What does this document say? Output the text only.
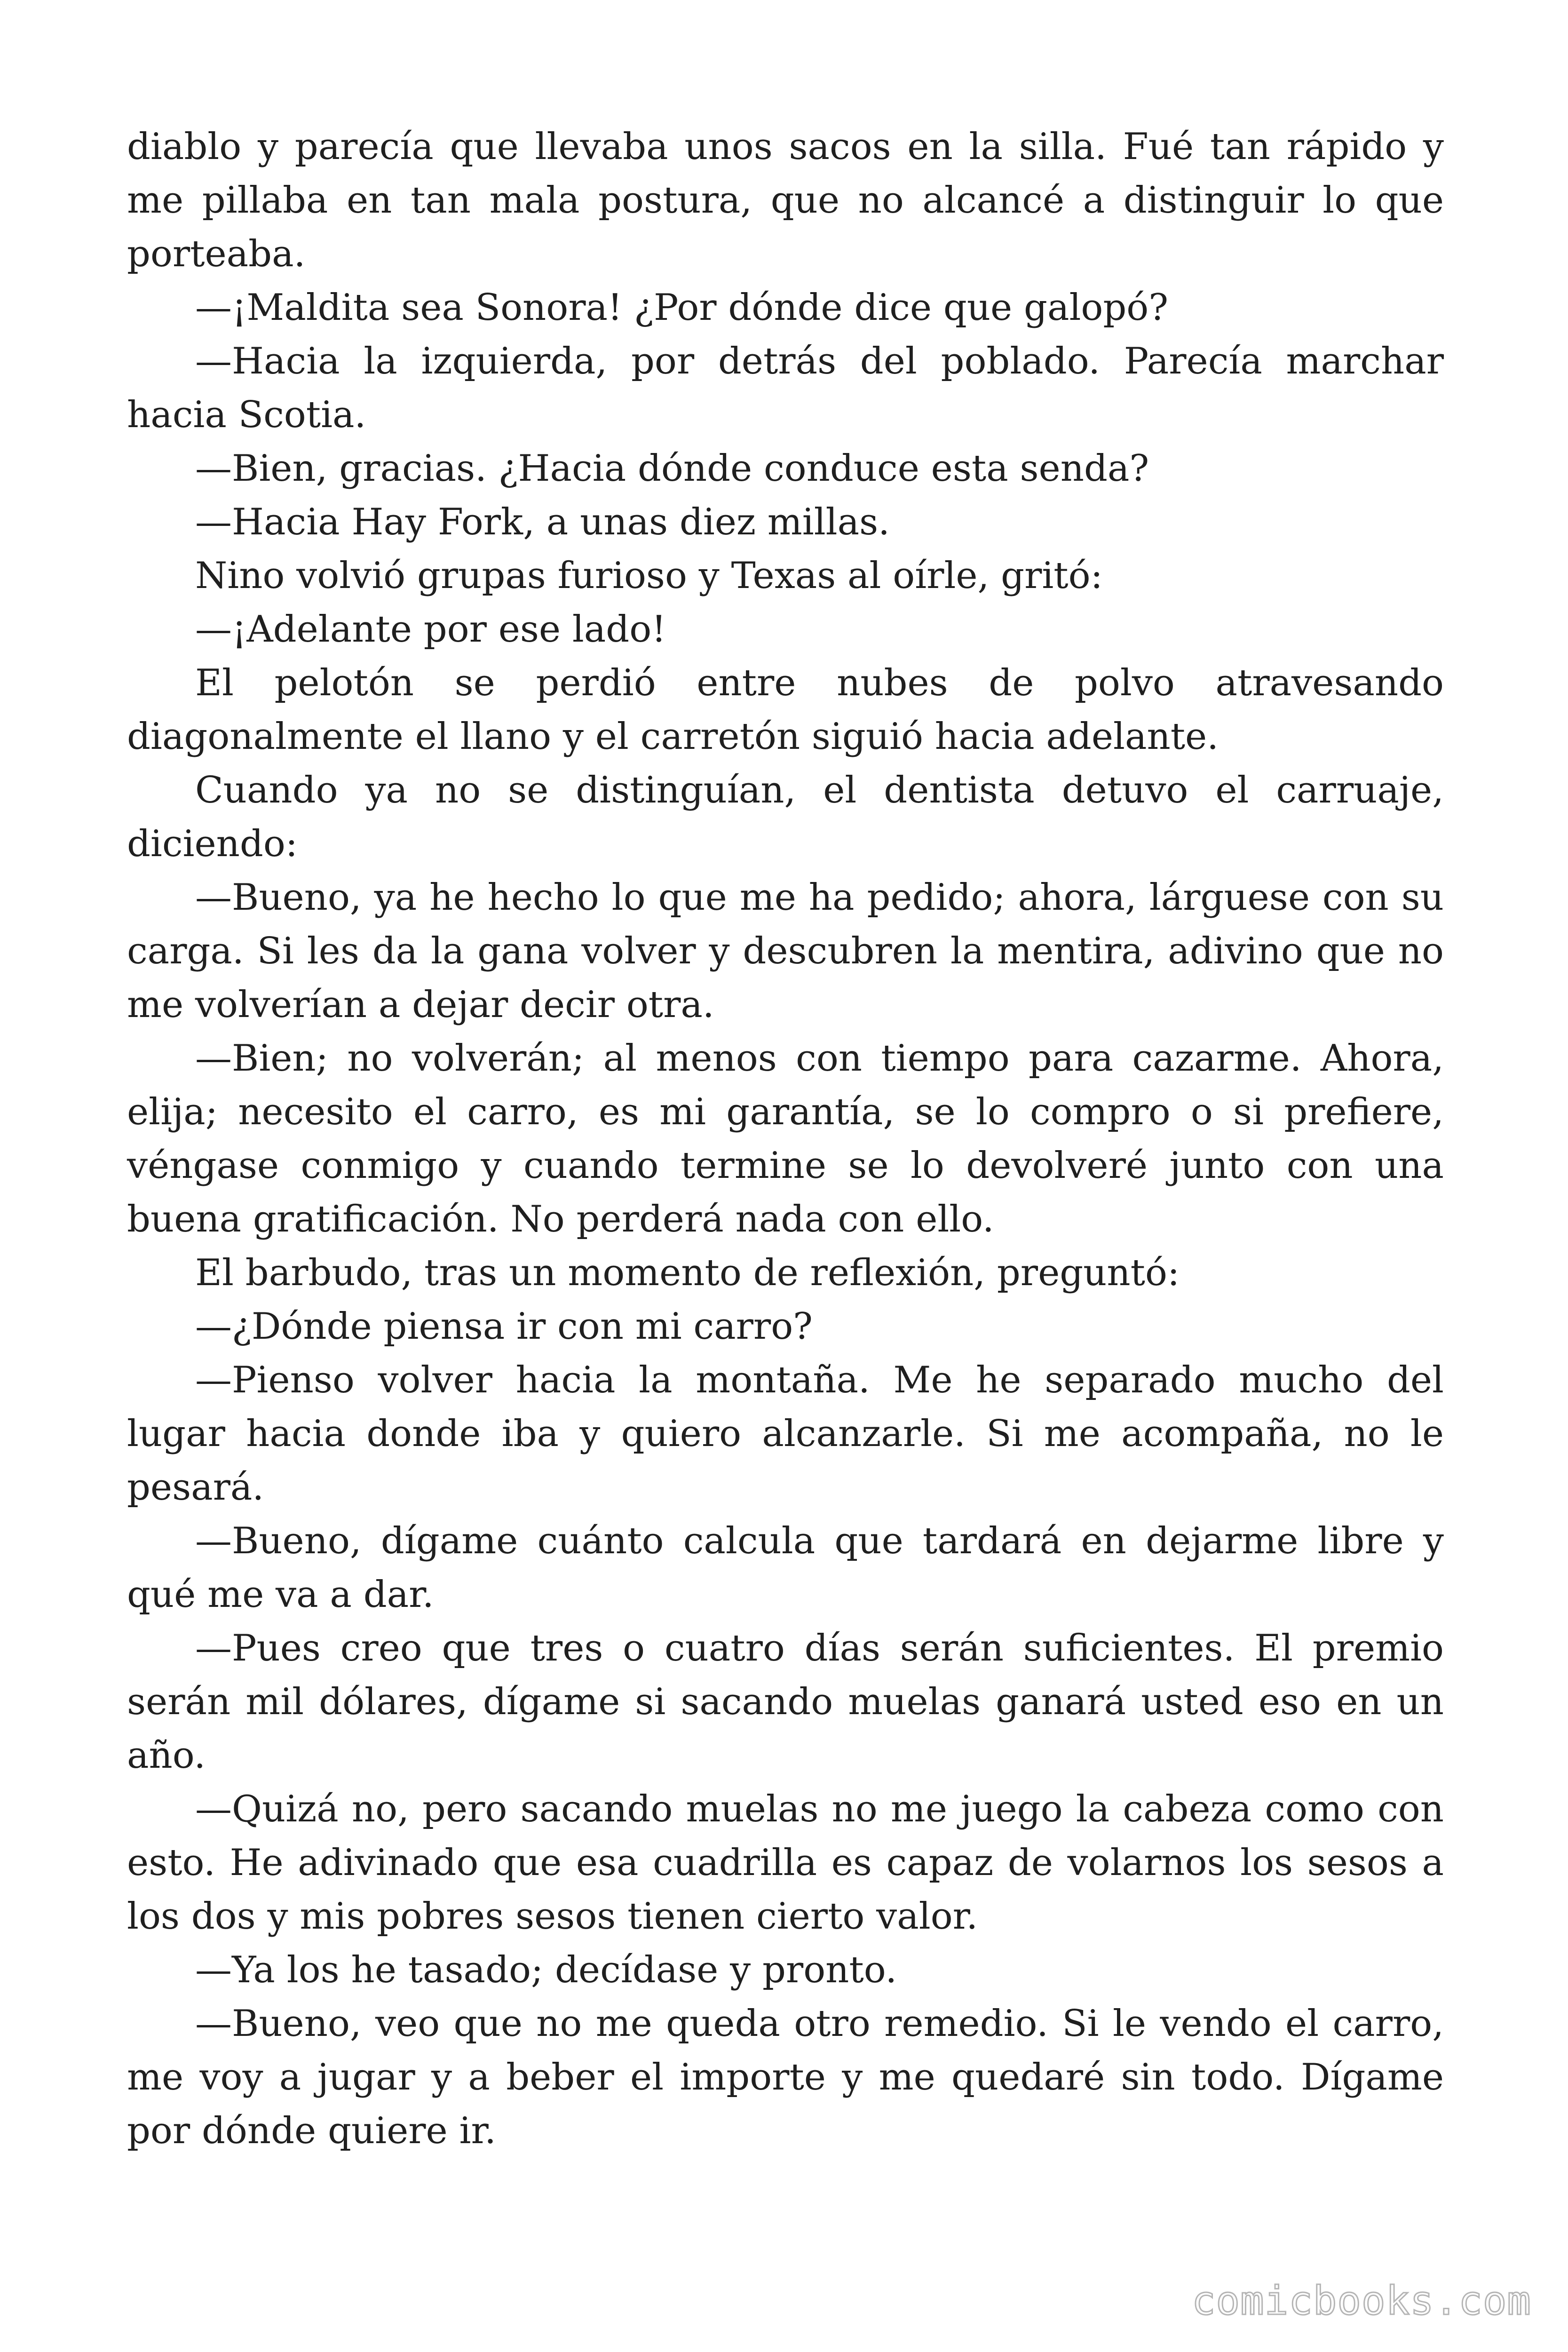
diablo y parecía que llevaba unos sacos en la silla. Fué tan rápido y me pillaba en tan mala postura, que no alcancé a distinguir lo que porteaba.

—¡Maldita sea Sonora! ¿Por dónde dice que galopó?

—Hacia la izquierda, por detrás del poblado. Parecía marchar hacia Scotia.

—Bien, gracias. ¿Hacia dónde conduce esta senda?

—Hacia Hay Fork, a unas diez millas.

Nino volvió grupas furioso y Texas al oírle, gritó:

—¡Adelante por ese lado!

El pelotón se perdió entre nubes de polvo atravesando diagonalmente el llano y el carretón siguió hacia adelante.

Cuando ya no se distinguían, el dentista detuvo el carruaje, diciendo:

—Bueno, ya he hecho lo que me ha pedido; ahora, lárguese con su carga. Si les da la gana volver y descubren la mentira, adivino que no me volverían a dejar decir otra.

—Bien; no volverán; al menos con tiempo para cazarme. Ahora, elija; necesito el carro, es mi garantía, se lo compro o si prefiere, véngase conmigo y cuando termine se lo devolveré junto con una buena gratificación. No perderá nada con ello.

El barbudo, tras un momento de reflexión, preguntó:

—¿Dónde piensa ir con mi carro?

—Pienso volver hacia la montaña. Me he separado mucho del lugar hacia donde iba y quiero alcanzarle. Si me acompaña, no le pesará.

—Bueno, dígame cuánto calcula que tardará en dejarme libre y qué me va a dar.

—Pues creo que tres o cuatro días serán suficientes. El premio serán mil dólares, dígame si sacando muelas ganará usted eso en un año.

—Quizá no, pero sacando muelas no me juego la cabeza como con esto. He adivinado que esa cuadrilla es capaz de volarnos los sesos a los dos y mis pobres sesos tienen cierto valor.

—Ya los he tasado; decídase y pronto.

—Bueno, veo que no me queda otro remedio. Si le vendo el carro, me voy a jugar y a beber el importe y me quedaré sin todo. Dígame por dónde quiere ir.

comicbooks.com
